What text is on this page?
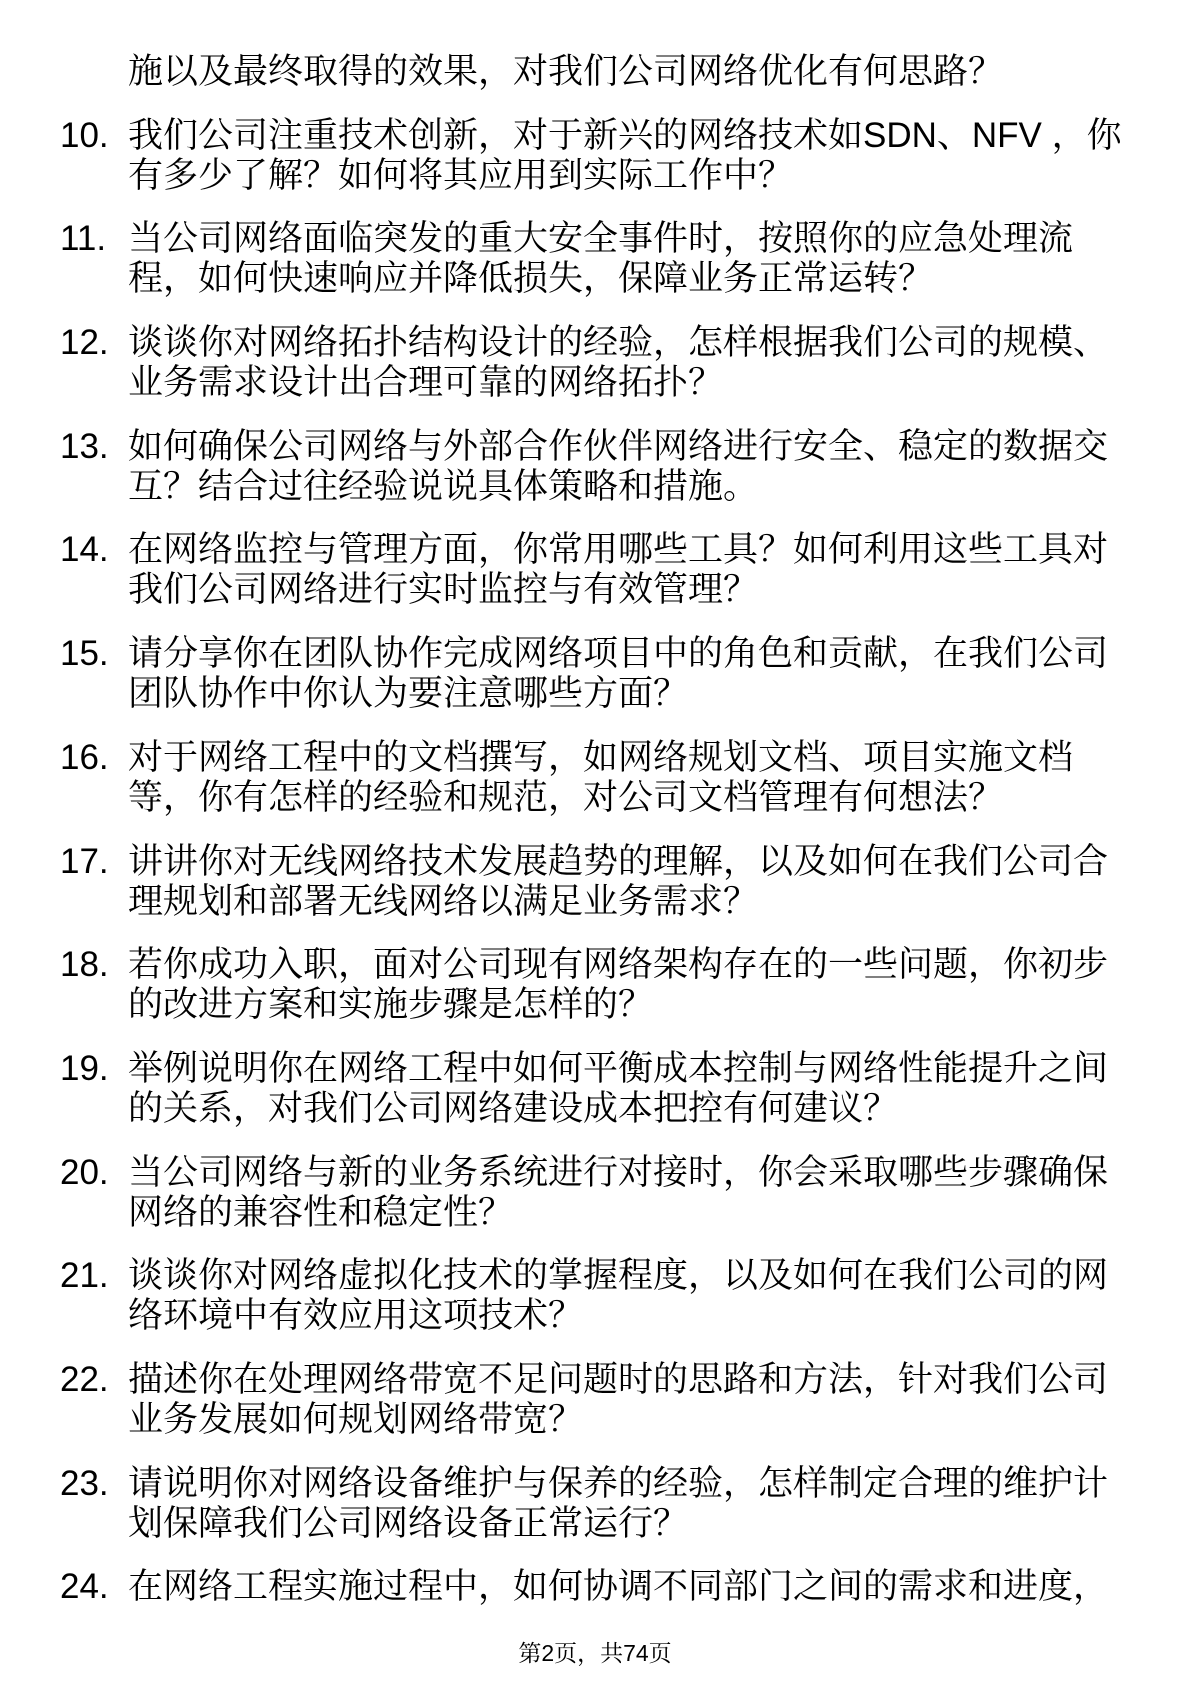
施以及最终取得的效果，对我们公司网络优化有何思路？
10. 我们公司注重技术创新，对于新兴的网络技术如SDN、NFV ，你
有多少了解？如何将其应用到实际工作中？
11. 当公司网络面临突发的重大安全事件时，按照你的应急处理流
程，如何快速响应并降低损失，保障业务正常运转？
12. 谈谈你对网络拓扑结构设计的经验，怎样根据我们公司的规模、
业务需求设计出合理可靠的网络拓扑？
13. 如何确保公司网络与外部合作伙伴网络进行安全、稳定的数据交
互？结合过往经验说说具体策略和措施。
14. 在网络监控与管理方面，你常用哪些工具？如何利用这些工具对
我们公司网络进行实时监控与有效管理？
15. 请分享你在团队协作完成网络项目中的角色和贡献，在我们公司
团队协作中你认为要注意哪些方面？
16. 对于网络工程中的文档撰写，如网络规划文档、项目实施文档
等，你有怎样的经验和规范，对公司文档管理有何想法？
17. 讲讲你对无线网络技术发展趋势的理解，以及如何在我们公司合
理规划和部署无线网络以满足业务需求？
18. 若你成功入职，面对公司现有网络架构存在的一些问题，你初步
的改进方案和实施步骤是怎样的？
19. 举例说明你在网络工程中如何平衡成本控制与网络性能提升之间
的关系，对我们公司网络建设成本把控有何建议？
20. 当公司网络与新的业务系统进行对接时，你会采取哪些步骤确保
网络的兼容性和稳定性？
21. 谈谈你对网络虚拟化技术的掌握程度，以及如何在我们公司的网
络环境中有效应用这项技术？
22. 描述你在处理网络带宽不足问题时的思路和方法，针对我们公司
业务发展如何规划网络带宽？
23. 请说明你对网络设备维护与保养的经验，怎样制定合理的维护计
划保障我们公司网络设备正常运行？
24. 在网络工程实施过程中，如何协调不同部门之间的需求和进度，
第2页，共74页
